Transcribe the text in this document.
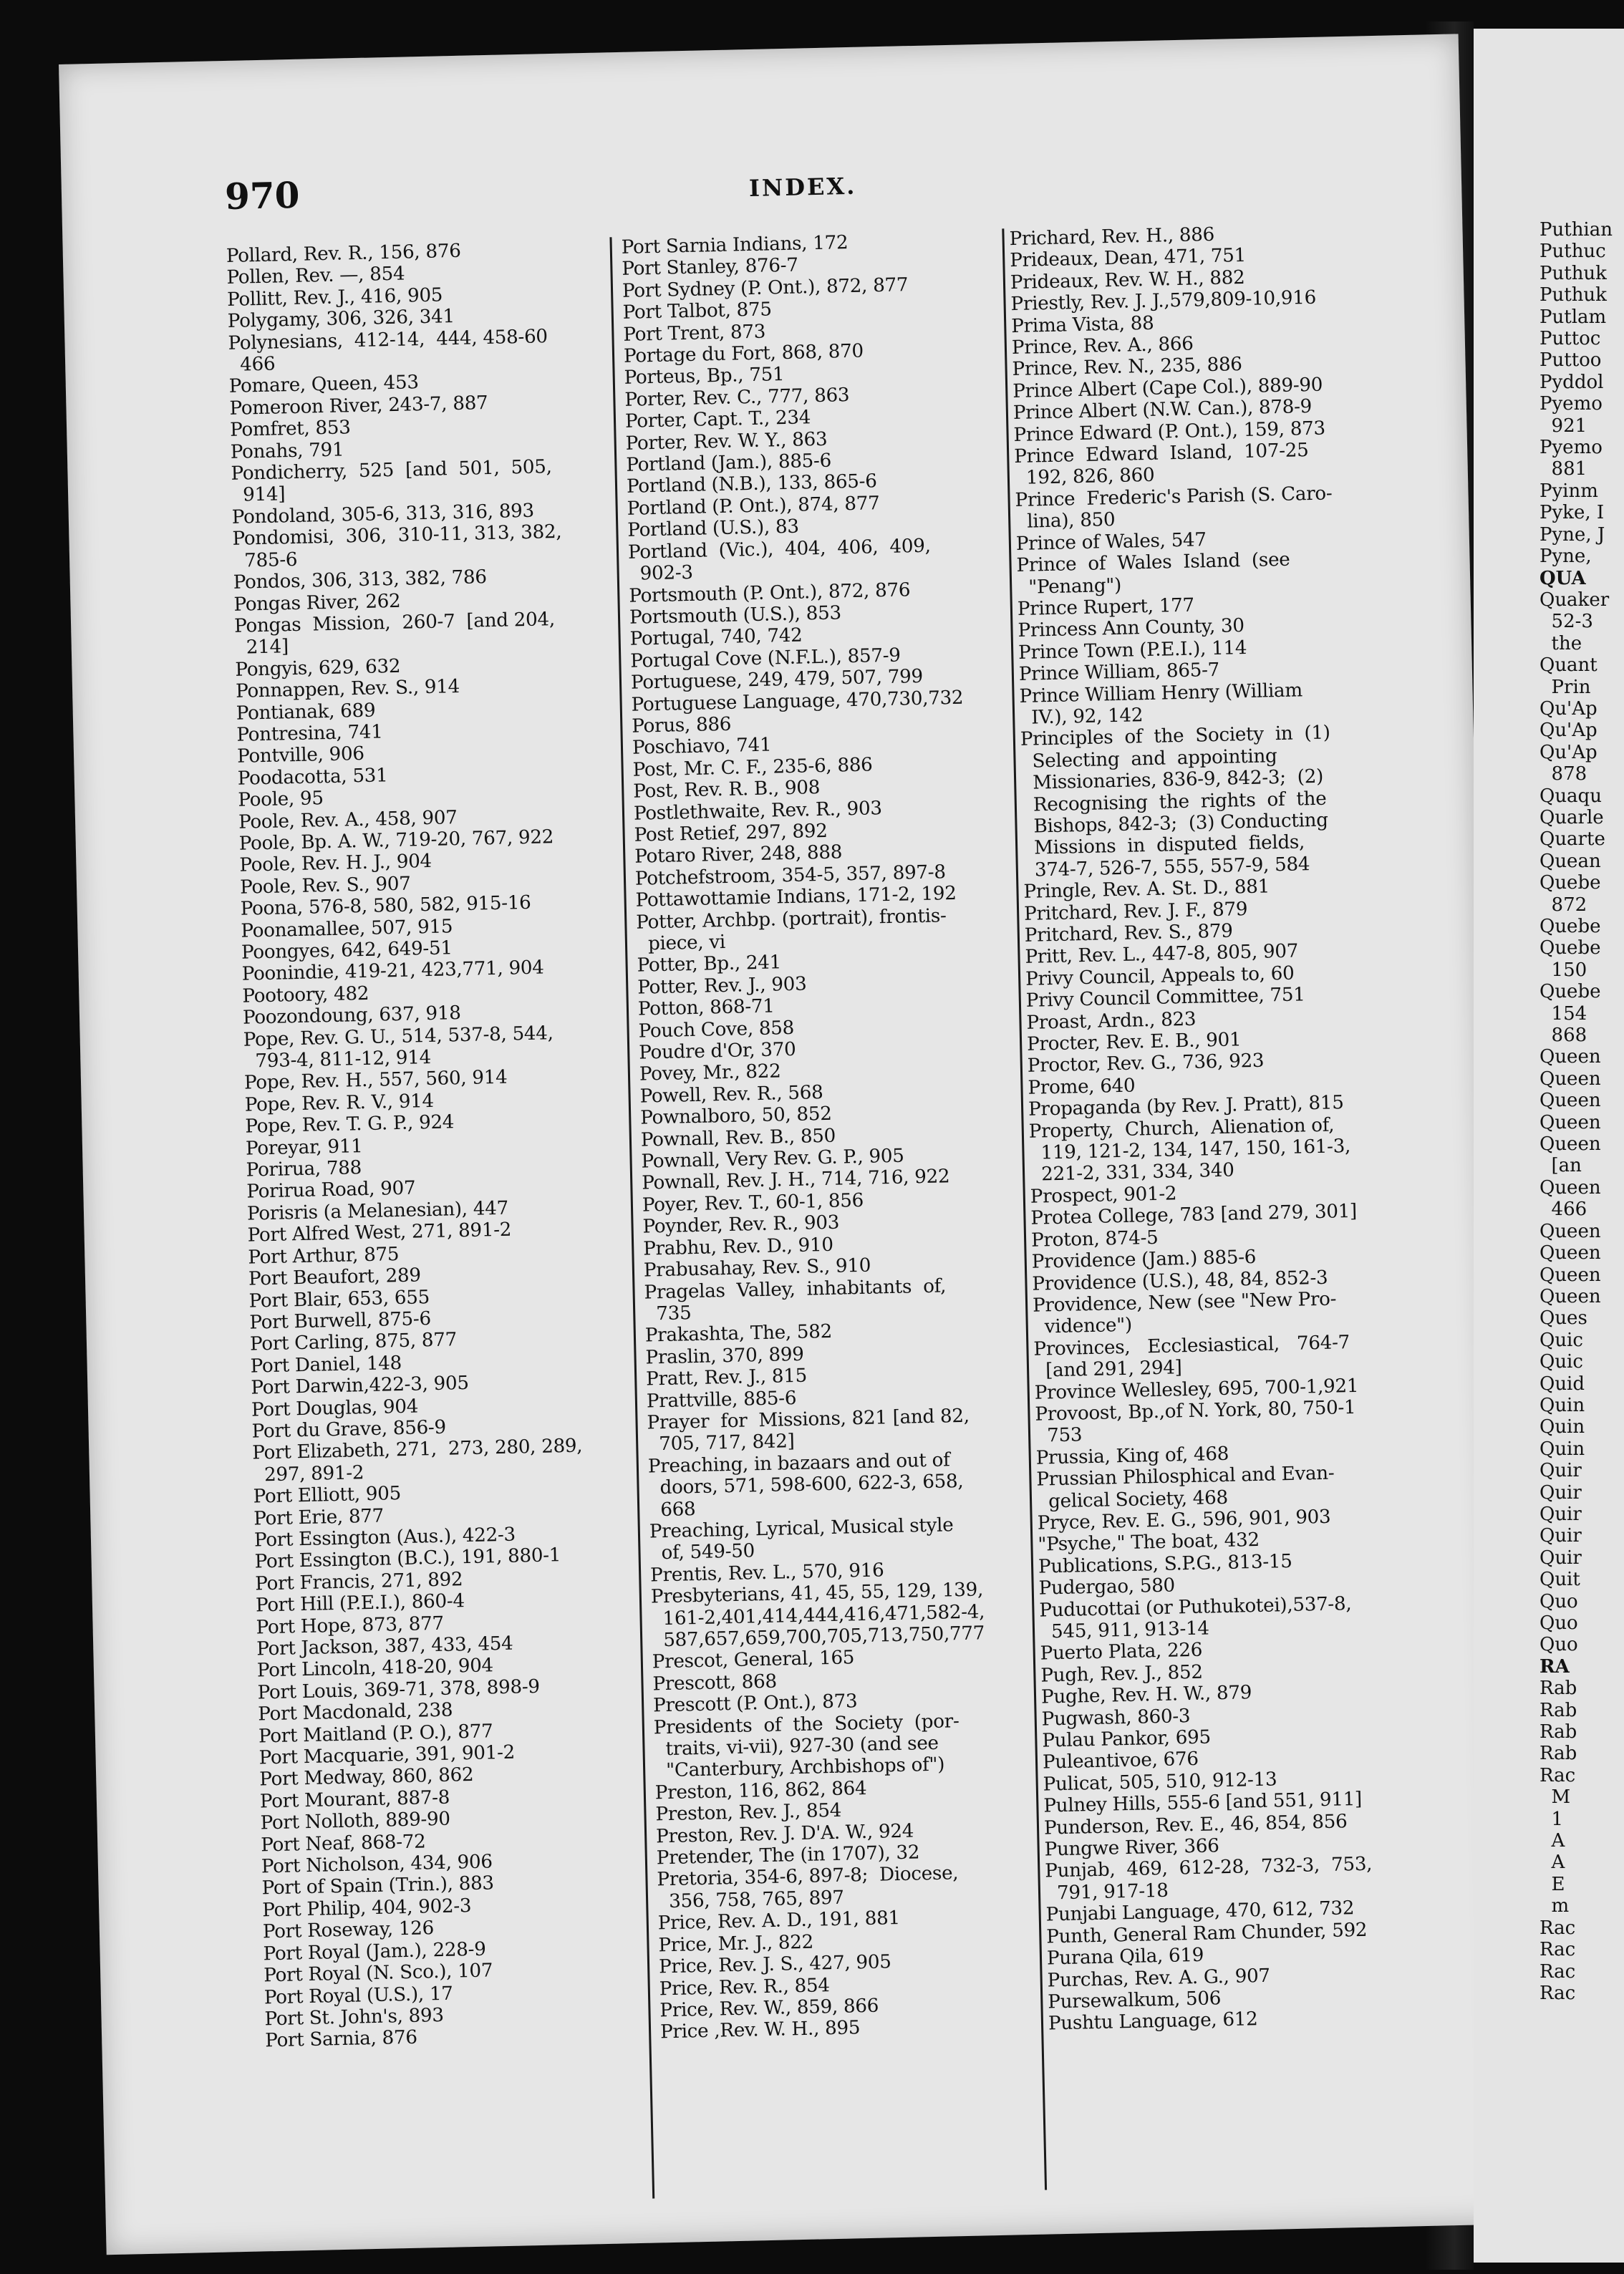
970	INDEX.
Pollard, Rev. R., 156, 876
Pollen, Rev. —, 854
Pollitt, Rev. J., 416, 905
Polygamy, 306, 326, 341
Polynesians,  412-14,  444, 458-60
466
Pomare, Queen, 453
Pomeroon River, 243-7, 887
Pomfret, 853
Ponahs, 791
Pondicherry,  525  [and  501,  505,
914]
Pondoland, 305-6, 313, 316, 893
Pondomisi,  306,  310-11, 313, 382,
785-6
Pondos, 306, 313, 382, 786
Pongas River, 262
Pongas  Mission,  260-7  [and 204,
214]
Pongyis, 629, 632
Ponnappen, Rev. S., 914
Pontianak, 689
Pontresina, 741
Pontville, 906
Poodacotta, 531
Poole, 95
Poole, Rev. A., 458, 907
Poole, Bp. A. W., 719-20, 767, 922
Poole, Rev. H. J., 904
Poole, Rev. S., 907
Poona, 576-8, 580, 582, 915-16
Poonamallee, 507, 915
Poongyes, 642, 649-51
Poonindie, 419-21, 423,771, 904
Pootoory, 482
Poozondoung, 637, 918
Pope, Rev. G. U., 514, 537-8, 544,
793-4, 811-12, 914
Pope, Rev. H., 557, 560, 914
Pope, Rev. R. V., 914
Pope, Rev. T. G. P., 924
Poreyar, 911
Porirua, 788
Porirua Road, 907
Porisris (a Melanesian), 447
Port Alfred West, 271, 891-2
Port Arthur, 875
Port Beaufort, 289
Port Blair, 653, 655
Port Burwell, 875-6
Port Carling, 875, 877
Port Daniel, 148
Port Darwin,422-3, 905
Port Douglas, 904
Port du Grave, 856-9
Port Elizabeth, 271,  273, 280, 289,
297, 891-2
Port Elliott, 905
Port Erie, 877
Port Essington (Aus.), 422-3
Port Essington (B.C.), 191, 880-1
Port Francis, 271, 892
Port Hill (P.E.I.), 860-4
Port Hope, 873, 877
Port Jackson, 387, 433, 454
Port Lincoln, 418-20, 904
Port Louis, 369-71, 378, 898-9
Port Macdonald, 238
Port Maitland (P. O.), 877
Port Macquarie, 391, 901-2
Port Medway, 860, 862
Port Mourant, 887-8
Port Nolloth, 889-90
Port Neaf, 868-72
Port Nicholson, 434, 906
Port of Spain (Trin.), 883
Port Philip, 404, 902-3
Port Roseway, 126
Port Royal (Jam.), 228-9
Port Royal (N. Sco.), 107
Port Royal (U.S.), 17
Port St. John's, 893
Port Sarnia, 876
Port Sarnia Indians, 172
Port Stanley, 876-7
Port Sydney (P. Ont.), 872, 877
Port Talbot, 875
Port Trent, 873
Portage du Fort, 868, 870
Porteus, Bp., 751
Porter, Rev. C., 777, 863
Porter, Capt. T., 234
Porter, Rev. W. Y., 863
Portland (Jam.), 885-6
Portland (N.B.), 133, 865-6
Portland (P. Ont.), 874, 877
Portland (U.S.), 83
Portland  (Vic.),  404,  406,  409,
902-3
Portsmouth (P. Ont.), 872, 876
Portsmouth (U.S.), 853
Portugal, 740, 742
Portugal Cove (N.F.L.), 857-9
Portuguese, 249, 479, 507, 799
Portuguese Language, 470,730,732
Porus, 886
Poschiavo, 741
Post, Mr. C. F., 235-6, 886
Post, Rev. R. B., 908
Postlethwaite, Rev. R., 903
Post Retief, 297, 892
Potaro River, 248, 888
Potchefstroom, 354-5, 357, 897-8
Pottawottamie Indians, 171-2, 192
Potter, Archbp. (portrait), frontis-
piece, vi
Potter, Bp., 241
Potter, Rev. J., 903
Potton, 868-71
Pouch Cove, 858
Poudre d'Or, 370
Povey, Mr., 822
Powell, Rev. R., 568
Pownalboro, 50, 852
Pownall, Rev. B., 850
Pownall, Very Rev. G. P., 905
Pownall, Rev. J. H., 714, 716, 922
Poyer, Rev. T., 60-1, 856
Poynder, Rev. R., 903
Prabhu, Rev. D., 910
Prabusahay, Rev. S., 910
Pragelas  Valley,  inhabitants  of,
735
Prakashta, The, 582
Praslin, 370, 899
Pratt, Rev. J., 815
Prattville, 885-6
Prayer  for  Missions, 821 [and 82,
705, 717, 842]
Preaching, in bazaars and out of
doors, 571, 598-600, 622-3, 658,
668
Preaching, Lyrical, Musical style
of, 549-50
Prentis, Rev. L., 570, 916
Presbyterians, 41, 45, 55, 129, 139,
161-2,401,414,444,416,471,582-4,
587,657,659,700,705,713,750,777
Prescot, General, 165
Prescott, 868
Prescott (P. Ont.), 873
Presidents  of  the  Society  (por-
traits, vi-vii), 927-30 (and see
"Canterbury, Archbishops of")
Preston, 116, 862, 864
Preston, Rev. J., 854
Preston, Rev. J. D'A. W., 924
Pretender, The (in 1707), 32
Pretoria, 354-6, 897-8;  Diocese,
356, 758, 765, 897
Price, Rev. A. D., 191, 881
Price, Mr. J., 822
Price, Rev. J. S., 427, 905
Price, Rev. R., 854
Price, Rev. W., 859, 866
Price ,Rev. W. H., 895
Prichard, Rev. H., 886
Prideaux, Dean, 471, 751
Prideaux, Rev. W. H., 882
Priestly, Rev. J. J.,579,809-10,916
Prima Vista, 88
Prince, Rev. A., 866
Prince, Rev. N., 235, 886
Prince Albert (Cape Col.), 889-90
Prince Albert (N.W. Can.), 878-9
Prince Edward (P. Ont.), 159, 873
Prince  Edward  Island,  107-25
192, 826, 860
Prince  Frederic's Parish (S. Caro-
lina), 850
Prince of Wales, 547
Prince  of  Wales  Island  (see
"Penang")
Prince Rupert, 177
Princess Ann County, 30
Prince Town (P.E.I.), 114
Prince William, 865-7
Prince William Henry (William
IV.), 92, 142
Principles  of  the  Society  in  (1)
Selecting  and  appointing
Missionaries, 836-9, 842-3;  (2)
Recognising  the  rights  of  the
Bishops, 842-3;  (3) Conducting
Missions  in  disputed  fields,
374-7, 526-7, 555, 557-9, 584
Pringle, Rev. A. St. D., 881
Pritchard, Rev. J. F., 879
Pritchard, Rev. S., 879
Pritt, Rev. L., 447-8, 805, 907
Privy Council, Appeals to, 60
Privy Council Committee, 751
Proast, Ardn., 823
Procter, Rev. E. B., 901
Proctor, Rev. G., 736, 923
Prome, 640
Propaganda (by Rev. J. Pratt), 815
Property,  Church,  Alienation of,
119, 121-2, 134, 147, 150, 161-3,
221-2, 331, 334, 340
Prospect, 901-2
Protea College, 783 [and 279, 301]
Proton, 874-5
Providence (Jam.) 885-6
Providence (U.S.), 48, 84, 852-3
Providence, New (see "New Pro-
vidence")
Provinces,   Ecclesiastical,   764-7
[and 291, 294]
Province Wellesley, 695, 700-1,921
Provoost, Bp.,of N. York, 80, 750-1
753
Prussia, King of, 468
Prussian Philosphical and Evan-
gelical Society, 468
Pryce, Rev. E. G., 596, 901, 903
"Psyche," The boat, 432
Publications, S.P.G., 813-15
Pudergao, 580
Puducottai (or Puthukotei),537-8,
545, 911, 913-14
Puerto Plata, 226
Pugh, Rev. J., 852
Pughe, Rev. H. W., 879
Pugwash, 860-3
Pulau Pankor, 695
Puleantivoe, 676
Pulicat, 505, 510, 912-13
Pulney Hills, 555-6 [and 551, 911]
Punderson, Rev. E., 46, 854, 856
Pungwe River, 366
Punjab,  469,  612-28,  732-3,  753,
791, 917-18
Punjabi Language, 470, 612, 732
Punth, General Ram Chunder, 592
Purana Qila, 619
Purchas, Rev. A. G., 907
Pursewalkum, 506
Pushtu Language, 612
Puthian
Puthuc
Puthuk
Puthuk
Putlam
Puttoc
Puttoo
Pyddol
Pyemo
921
Pyemo
881
Pyinm
Pyke, I
Pyne, J
Pyne,
QUA
Quaker
52-3
the
Quant
Prin
Qu'Ap
Qu'Ap
Qu'Ap
878
Quaqu
Quarle
Quarte
Quean
Quebe
872
Quebe
Quebe
150
Quebe
154
868
Queen
Queen
Queen
Queen
Queen
[an
Queen
466
Queen
Queen
Queen
Queen
Ques
Quic
Quic
Quid
Quin
Quin
Quin
Quir
Quir
Quir
Quir
Quir
Quit
Quo
Quo
Quo
RA
Rab
Rab
Rab
Rab
Rac
M
1
A
A
E
m
Rac
Rac
Rac
Rac
